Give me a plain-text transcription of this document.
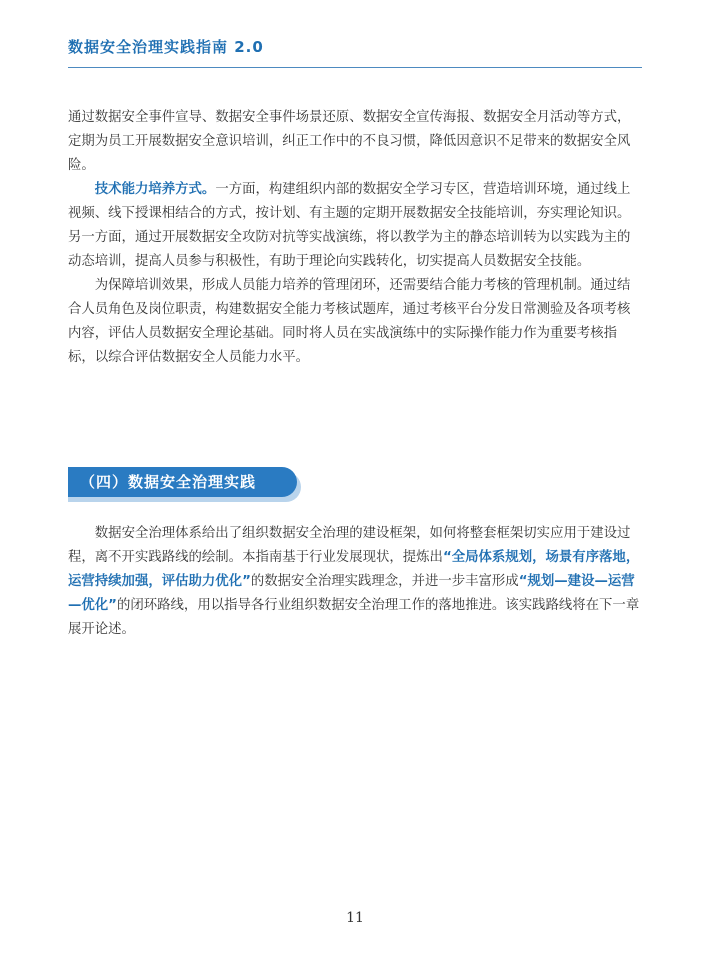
数据安全治理实践指南 2.0

通过数据安全事件宣导、数据安全事件场景还原、数据安全宣传海报、数据安全月活动等方式，定期为员工开展数据安全意识培训，纠正工作中的不良习惯，降低因意识不足带来的数据安全风险。

技术能力培养方式。一方面，构建组织内部的数据安全学习专区，营造培训环境，通过线上视频、线下授课相结合的方式，按计划、有主题的定期开展数据安全技能培训，夯实理论知识。另一方面，通过开展数据安全攻防对抗等实战演练，将以教学为主的静态培训转为以实践为主的动态培训，提高人员参与积极性，有助于理论向实践转化，切实提高人员数据安全技能。

为保障培训效果，形成人员能力培养的管理闭环，还需要结合能力考核的管理机制。通过结合人员角色及岗位职责，构建数据安全能力考核试题库，通过考核平台分发日常测验及各项考核内容，评估人员数据安全理论基础。同时将人员在实战演练中的实际操作能力作为重要考核指标，以综合评估数据安全人员能力水平。

（四）数据安全治理实践

数据安全治理体系给出了组织数据安全治理的建设框架，如何将整套框架切实应用于建设过程，离不开实践路线的绘制。本指南基于行业发展现状，提炼出“全局体系规划，场景有序落地，运营持续加强，评估助力优化”的数据安全治理实践理念，并进一步丰富形成“规划—建设—运营—优化”的闭环路线，用以指导各行业组织数据安全治理工作的落地推进。该实践路线将在下一章展开论述。

11
